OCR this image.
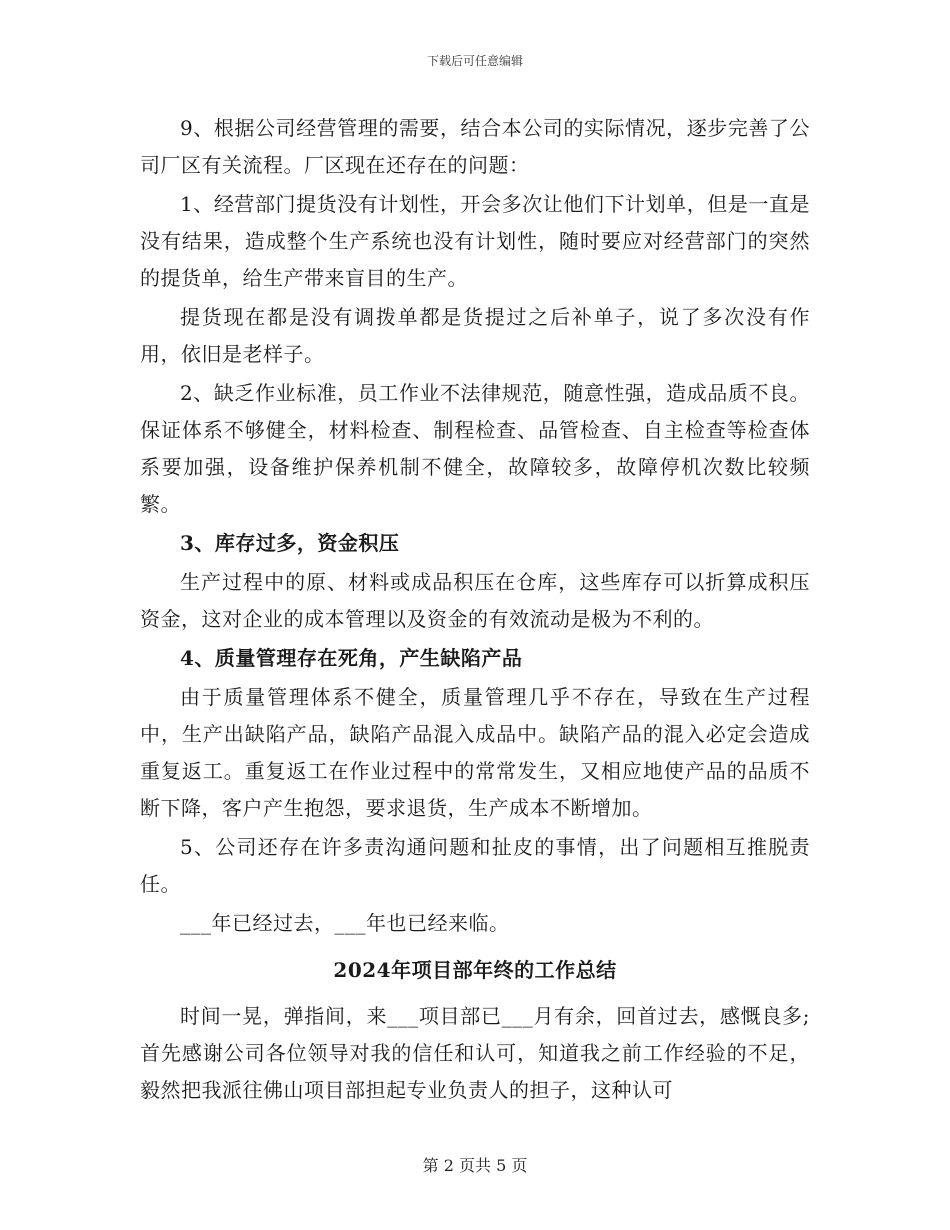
下载后可任意编辑

9、根据公司经营管理的需要，结合本公司的实际情况，逐步完善了公司厂区有关流程。厂区现在还存在的问题：

1、经营部门提货没有计划性，开会多次让他们下计划单，但是一直是没有结果，造成整个生产系统也没有计划性，随时要应对经营部门的突然的提货单，给生产带来盲目的生产。

提货现在都是没有调拨单都是货提过之后补单子，说了多次没有作用，依旧是老样子。

2、缺乏作业标准，员工作业不法律规范，随意性强，造成品质不良。保证体系不够健全，材料检查、制程检查、品管检查、自主检查等检查体系要加强，设备维护保养机制不健全，故障较多，故障停机次数比较频繁。

3、库存过多，资金积压

生产过程中的原、材料或成品积压在仓库，这些库存可以折算成积压资金，这对企业的成本管理以及资金的有效流动是极为不利的。

4、质量管理存在死角，产生缺陷产品

由于质量管理体系不健全，质量管理几乎不存在，导致在生产过程中，生产出缺陷产品，缺陷产品混入成品中。缺陷产品的混入必定会造成重复返工。重复返工在作业过程中的常常发生，又相应地使产品的品质不断下降，客户产生抱怨，要求退货，生产成本不断增加。

5、公司还存在许多责沟通问题和扯皮的事情，出了问题相互推脱责任。

___年已经过去，___年也已经来临。

2024年项目部年终的工作总结

时间一晃，弹指间，来___项目部已___月有余，回首过去，感慨良多;首先感谢公司各位领导对我的信任和认可，知道我之前工作经验的不足，毅然把我派往佛山项目部担起专业负责人的担子，这种认可

第 2 页共 5 页
